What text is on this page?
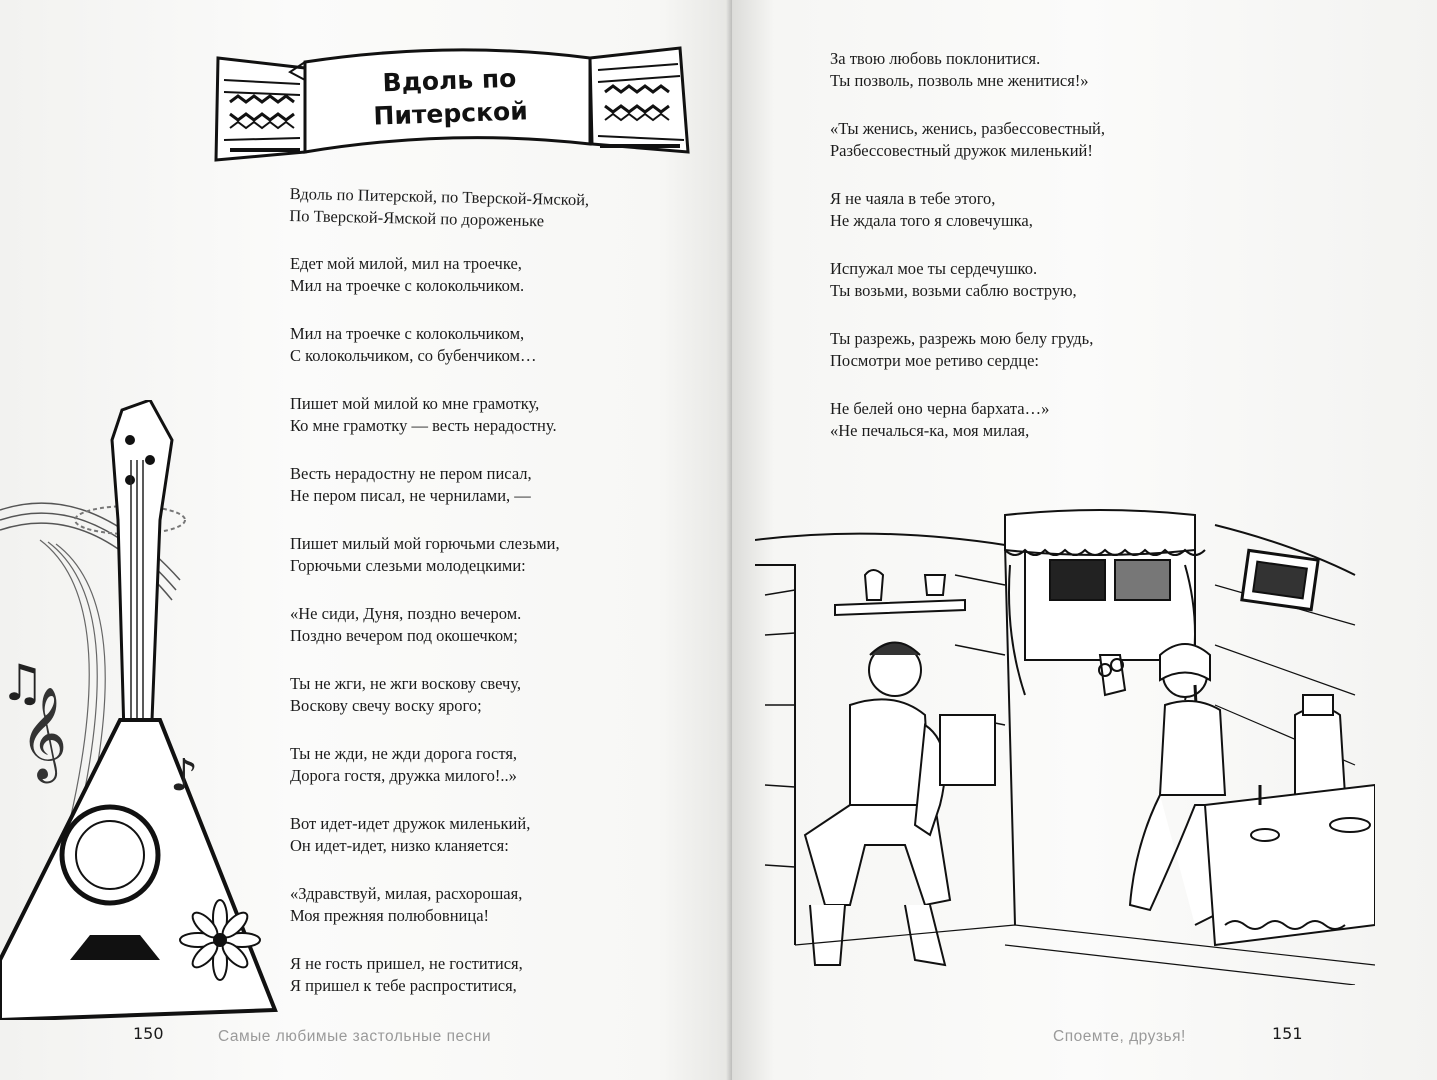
Вдоль по
Питерской
𝄞
♫
♪
Вдоль по Питерской, по Тверской-Ямской,
По Тверской-Ямской по дороженьке
Едет мой милой, мил на троечке,
Мил на троечке с колокольчиком.
Мил на троечке с колокольчиком,
С колокольчиком, со бубенчиком…
Пишет мой милой ко мне грамотку,
Ко мне грамотку — весть нерадостну.
Весть нерадостну не пером писал,
Не пером писал, не чернилами, —
Пишет милый мой горючьми слезьми,
Горючьми слезьми молодецкими:
«Не сиди, Дуня, поздно вечером.
Поздно вечером под окошечком;
Ты не жги, не жги воскову свечу,
Воскову свечу воску ярого;
Ты не жди, не жди дорога гостя,
Дорога гостя, дружка милого!..»
Вот идет-идет дружок миленький,
Он идет-идет, низко кланяется:
«Здравствуй, милая, расхорошая,
Моя прежняя полюбовница!
Я не гость пришел, не гоститися,
Я пришел к тебе распроститися,
150	Самые любимые застольные песни
За твою любовь поклонитися.
Ты позволь, позволь мне женитися!»
«Ты женись, женись, разбессовестный,
Разбессовестный дружок миленький!
Я не чаяла в тебе этого,
Не ждала того я словечушка,
Испужал мое ты сердечушко.
Ты возьми, возьми саблю вострую,
Ты разрежь, разрежь мою белу грудь,
Посмотри мое ретиво сердце:
Не белей оно черна бархата…»
«Не печалься-ка, моя милая,
Споемте, друзья!	151
